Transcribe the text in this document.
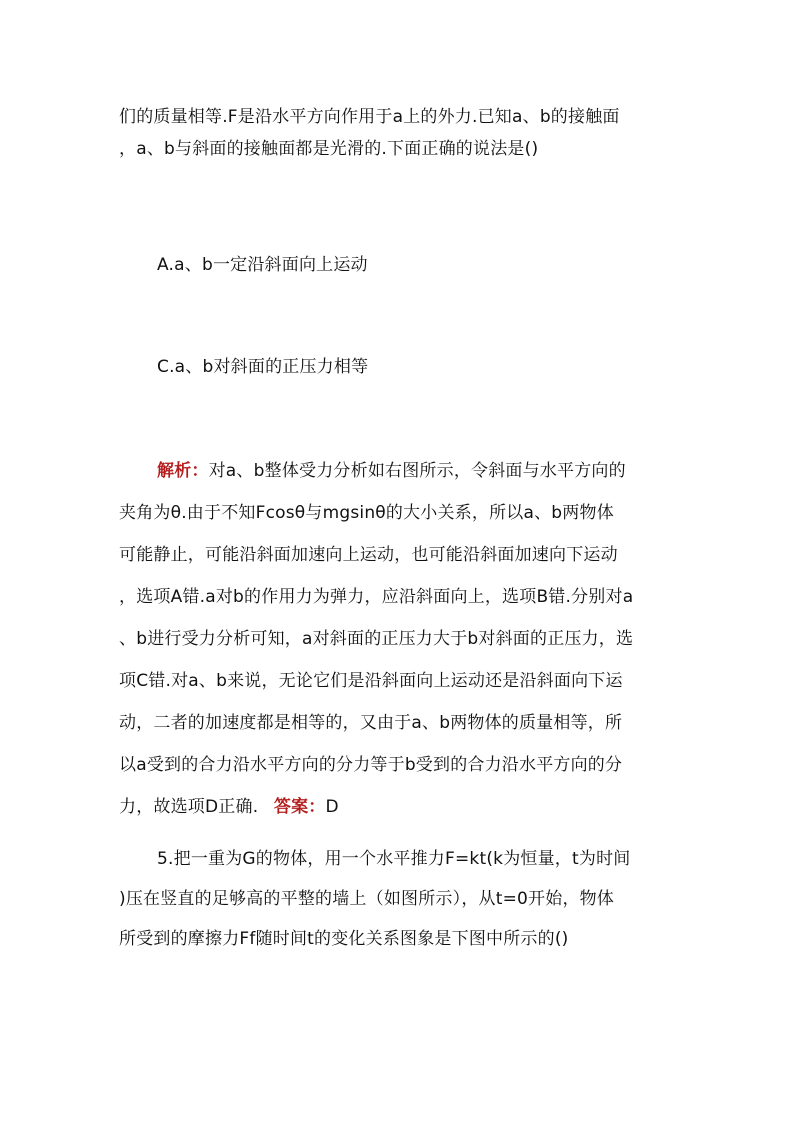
们的质量相等.F是沿水平方向作用于a上的外力.已知a、b的接触面
，a、b与斜面的接触面都是光滑的.下面正确的说法是()
A.a、b一定沿斜面向上运动
C.a、b对斜面的正压力相等
解析：对a、b整体受力分析如右图所示，令斜面与水平方向的
夹角为θ.由于不知Fcosθ与mgsinθ的大小关系，所以a、b两物体
可能静止，可能沿斜面加速向上运动，也可能沿斜面加速向下运动
，选项A错.a对b的作用力为弹力，应沿斜面向上，选项B错.分别对a
、b进行受力分析可知，a对斜面的正压力大于b对斜面的正压力，选
项C错.对a、b来说，无论它们是沿斜面向上运动还是沿斜面向下运
动，二者的加速度都是相等的，又由于a、b两物体的质量相等，所
以a受到的合力沿水平方向的分力等于b受到的合力沿水平方向的分
力，故选项D正确. 答案：D
5.把一重为G的物体，用一个水平推力F=kt(k为恒量，t为时间
)压在竖直的足够高的平整的墙上（如图所示），从t=0开始，物体
所受到的摩擦力Ff随时间t的变化关系图象是下图中所示的()
